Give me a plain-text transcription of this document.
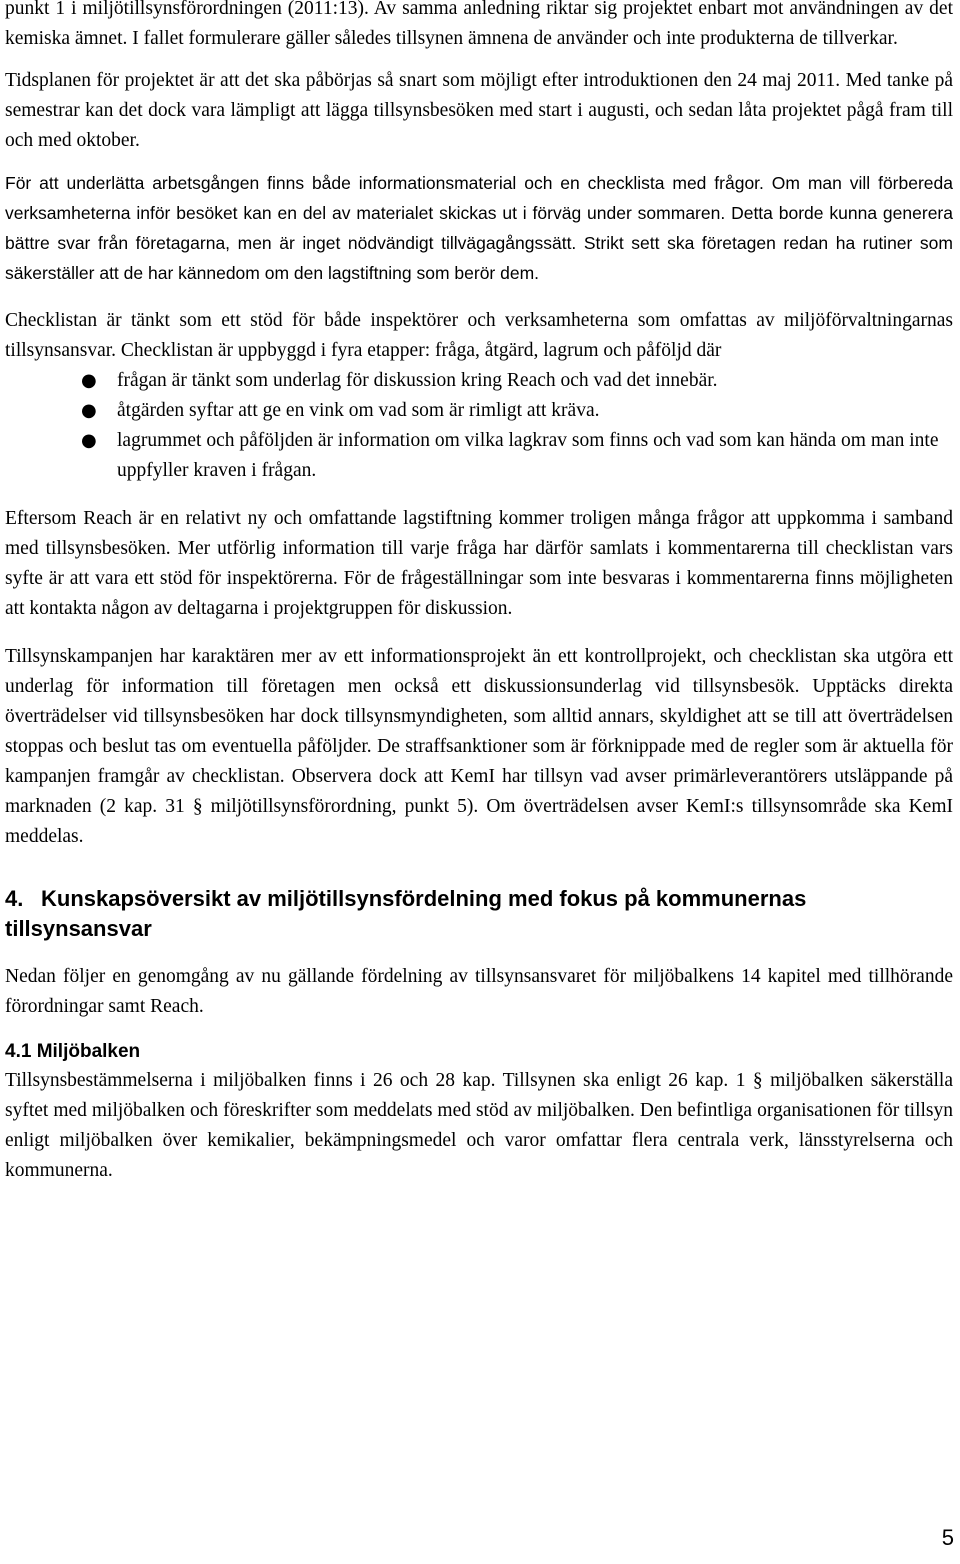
punkt 1 i miljötillsynsförordningen (2011:13). Av samma anledning riktar sig projektet enbart mot användningen av det kemiska ämnet. I fallet formulerare gäller således tillsynen ämnena de använder och inte produkterna de tillverkar.

Tidsplanen för projektet är att det ska påbörjas så snart som möjligt efter introduktionen den 24 maj 2011. Med tanke på semestrar kan det dock vara lämpligt att lägga tillsynsbesöken med start i augusti, och sedan låta projektet pågå fram till och med oktober.

För att underlätta arbetsgången finns både informationsmaterial och en checklista med frågor. Om man vill förbereda verksamheterna inför besöket kan en del av materialet skickas ut i förväg under sommaren. Detta borde kunna generera bättre svar från företagarna, men är inget nödvändigt tillvägagångssätt. Strikt sett ska företagen redan ha rutiner som säkerställer att de har kännedom om den lagstiftning som berör dem.

Checklistan är tänkt som ett stöd för både inspektörer och verksamheterna som omfattas av miljöförvaltningarnas tillsynsansvar. Checklistan är uppbyggd i fyra etapper: fråga, åtgärd, lagrum och påföljd där

● frågan är tänkt som underlag för diskussion kring Reach och vad det innebär.
● åtgärden syftar att ge en vink om vad som är rimligt att kräva.
● lagrummet och påföljden är information om vilka lagkrav som finns och vad som kan hända om man inte uppfyller kraven i frågan.

Eftersom Reach är en relativt ny och omfattande lagstiftning kommer troligen många frågor att uppkomma i samband med tillsynsbesöken. Mer utförlig information till varje fråga har därför samlats i kommentarerna till checklistan vars syfte är att vara ett stöd för inspektörerna. För de frågeställningar som inte besvaras i kommentarerna finns möjligheten att kontakta någon av deltagarna i projektgruppen för diskussion.

Tillsynskampanjen har karaktären mer av ett informationsprojekt än ett kontrollprojekt, och checklistan ska utgöra ett underlag för information till företagen men också ett diskussionsunderlag vid tillsynsbesök. Upptäcks direkta överträdelser vid tillsynsbesöken har dock tillsynsmyndigheten, som alltid annars, skyldighet att se till att överträdelsen stoppas och beslut tas om eventuella påföljder. De straffsanktioner som är förknippade med de regler som är aktuella för kampanjen framgår av checklistan. Observera dock att KemI har tillsyn vad avser primärleverantörers utsläppande på marknaden (2 kap. 31 § miljötillsynsförordning, punkt 5). Om överträdelsen avser KemI:s tillsynsområde ska KemI meddelas.

4. Kunskapsöversikt av miljötillsynsfördelning med fokus på kommunernas tillsynsansvar

Nedan följer en genomgång av nu gällande fördelning av tillsynsansvaret för miljöbalkens 14 kapitel med tillhörande förordningar samt Reach.

4.1 Miljöbalken

Tillsynsbestämmelserna i miljöbalken finns i 26 och 28 kap. Tillsynen ska enligt 26 kap. 1 § miljöbalken säkerställa syftet med miljöbalken och föreskrifter som meddelats med stöd av miljöbalken. Den befintliga organisationen för tillsyn enligt miljöbalken över kemikalier, bekämpningsmedel och varor omfattar flera centrala verk, länsstyrelserna och kommunerna.

5
